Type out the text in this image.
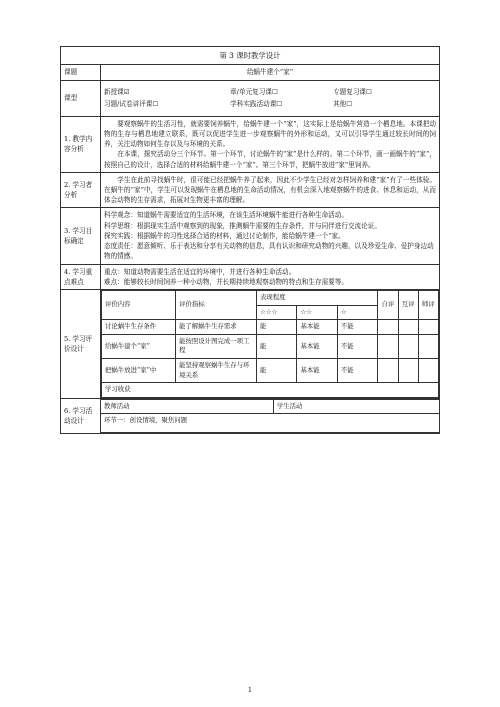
第 3 课时教学设计
课题	给蜗牛建个“家”
课型	
新授课☑	章/单元复习课☐	专题复习课☐
习题/试卷讲评课☐	学科实践活动课☐	其他☐

1. 教学内容分析	

要观察蜗牛的生活习性，就需要饲养蜗牛，给蜗牛建一个“家”，这实际上是给蜗牛营造一个栖息地。本课把动物的生存与栖息地建立联系，既可以促进学生进一步观察蜗牛的外形和运动，又可以引导学生通过较长时间的饲养，关注动物如何生存以及与环境的关系。

在本课，探究活动分三个环节。第一个环节，讨论蜗牛的“家”是什么样的。第二个环节，画一画蜗牛的“家”，按照自己的设计，选择合适的材料给蜗牛建一个“家”。第三个环节，把蜗牛放进“家”里饲养。

2. 学习者分析	

学生在此前寻找蜗牛时，很可能已经把蜗牛养了起来，因此不少学生已经对怎样饲养和建“家”有了一些体验。在蜗牛的“家”中，学生可以发现蜗牛在栖息地的生命活动情况，有机会深入地观察蜗牛的进食、休息和运动，从而体会动物的生存需求，拓展对生物更丰富的理解。

3. 学习目标确定	

科学观念：知道蜗牛需要适宜的生活环境，在该生活环境蜗牛能进行各种生命活动。

科学思维：根据现实生活中观察到的现象，推测蜗牛需要的生存条件，并与同伴进行交流论证。

探究实践：根据蜗牛的习性选择合适的材料，通过讨论制作，能给蜗牛建一个“家。

态度责任：愿意倾听、乐于表达和分享有关动物的信息，具有认识和研究动物的兴趣，以及珍爱生命、爱护身边动物的情感。

4. 学习重点难点	

重点：知道动物需要生活在适宜的环境中，并进行各种生命活动。

难点：能够较长时间饲养一种小动物，并长期持续地观察动物的特点和生存需要等。

5. 学习评价设计	
评价内容	评价指标	表现程度	自评	互评	师评
☆☆☆	☆☆	☆
讨论蜗牛生存条件	能了解蜗牛生存需求	能	基本能	不能			
给蜗牛建个“家”	能按照设计图完成一项工程	能	基本能	不能			
把蜗牛放进“家”中	能坚持观察蜗牛生存与环境关系	能	基本能	不能			
学习收获

6. 学习活动设计	
教师活动	学生活动
环节一：创设情境，聚焦问题
1
